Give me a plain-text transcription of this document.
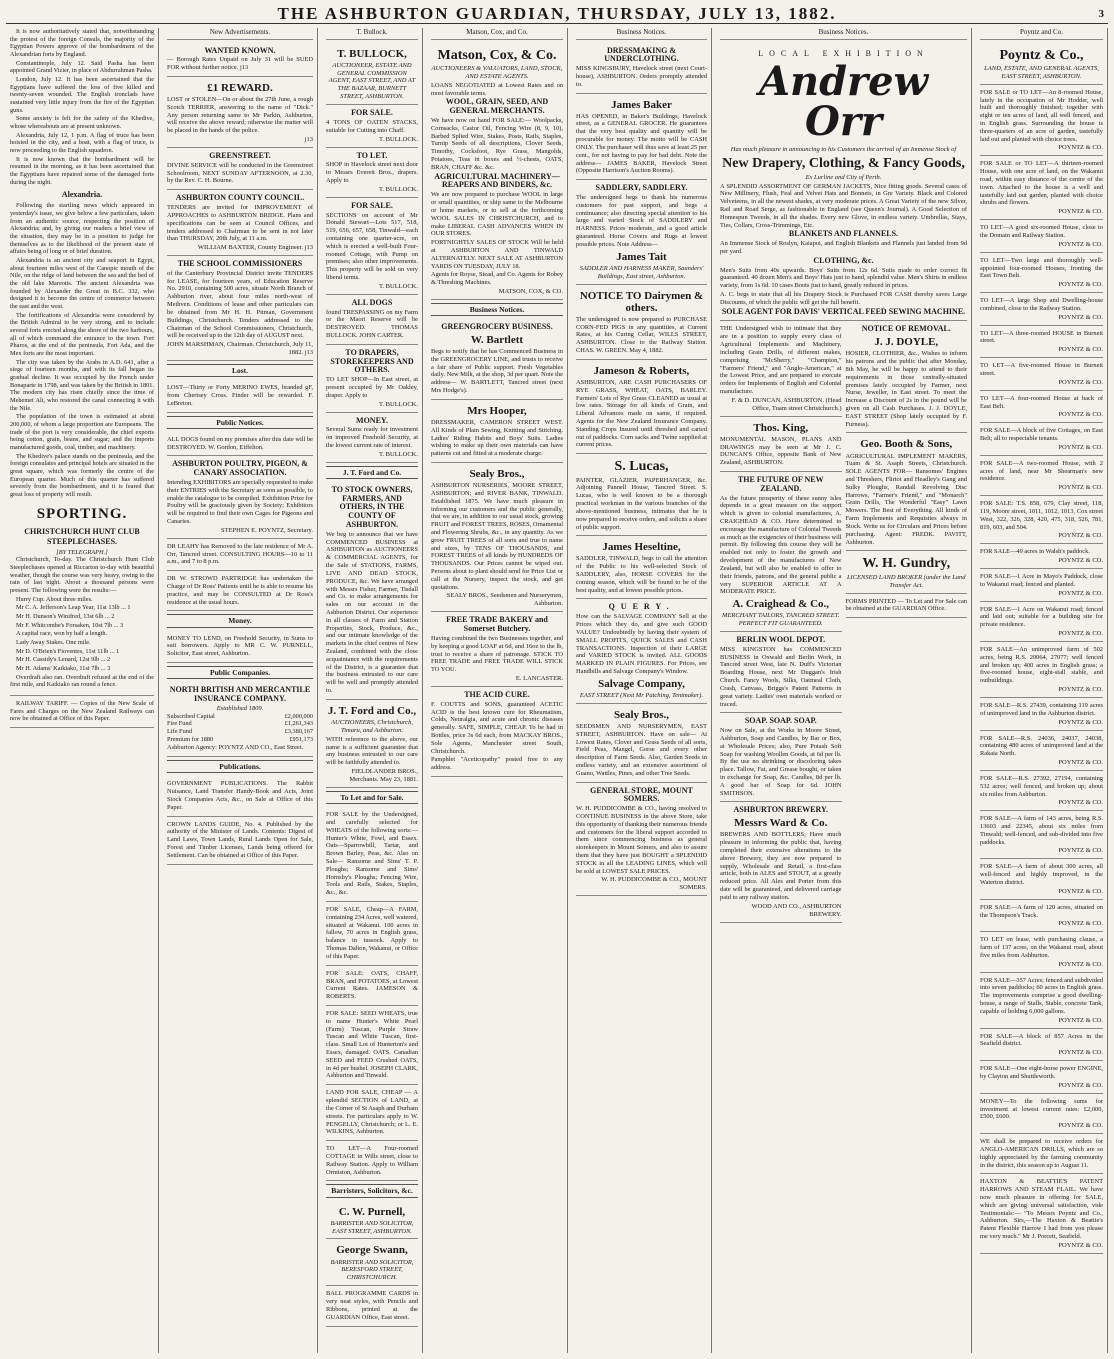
THE ASHBURTON GUARDIAN, THURSDAY, JULY 13, 1882.	3

It is now authoritatively stated that, notwithstanding the protest of the foreign Consuls, the majority of the Egyptian Powers approve of the bombardment of the Alexandrian forts by England.

Constantinople, July 12. Said Pasha has been appointed Grand Vizier, in place of Abdurrahman Pasha.

London, July 12. It has been ascertained that the Egyptians have suffered the loss of five killed and twenty-seven wounded. The English ironclads have sustained very little injury from the fire of the Egyptian guns.

Some anxiety is felt for the safety of the Khedive, whose whereabouts are at present unknown.

Alexandria, July 12, 1 p.m. A flag of truce has been hoisted in the city, and a boat, with a flag of truce, is now proceeding to the English squadron.

It is now known that the bombardment will be resumed in the morning, as it has been ascertained that the Egyptians have repaired some of the damaged forts during the night.

Alexandria.

Following the startling news which appeared in yesterday's issue, we give below a few particulars, taken from an authentic source, respecting the position of Alexandria; and, by giving our readers a brief view of the situation, they may be in a position to judge for themselves as to the likelihood of the present state of affairs being of long or of brief duration.

Alexandria is an ancient city and seaport in Egypt, about fourteen miles west of the Canopic mouth of the Nile, on the ridge of land between the sea and the bed of the old lake Mareotis. The ancient Alexandria was founded by Alexander the Great in B.C. 332, who designed it to become the centre of commerce between the east and the west.

The fortifications of Alexandria were considered by the British Admiral to be very strong, and to include several forts erected along the shore of the two harbours, all of which command the entrance to the town. Fort Pharos, at the end of the peninsula, Fort Ada, and the Mex forts are the most important.

The city was taken by the Arabs in A.D. 641, after a siege of fourteen months, and with its fall began its gradual decline. It was occupied by the French under Bonaparte in 1798, and was taken by the British in 1801. The modern city has risen chiefly since the time of Mehemet Ali, who restored the canal connecting it with the Nile.

The population of the town is estimated at about 200,000, of whom a large proportion are Europeans. The trade of the port is very considerable, the chief exports being cotton, grain, beans, and sugar; and the imports manufactured goods, coal, timber, and machinery.

The Khedive's palace stands on the peninsula, and the foreign consulates and principal hotels are situated in the great square, which was formerly the centre of the European quarter. Much of this quarter has suffered severely from the bombardment, and it is feared that great loss of property will result.

SPORTING.
CHRISTCHURCH HUNT CLUB STEEPLECHASES.
[BY TELEGRAPH.]

Christchurch, To-day. The Christchurch Hunt Club Steeplechases opened at Riccarton to-day with beautiful weather, though the course was very heavy, owing to the rain of last night. About a thousand persons were present. The following were the results:—

Hurry Cup. About three miles.

Mr C. A. Jefferson's Leap Year, 11st 13lb ... 1

Mr H. Dunson's Winifred, 13st 6lb ... 2

Mr F. Whitcombe's Forsaken, 10st 7lb ... 3

A capital race, won by half a length.

Lady Away Stakes. One mile.

Mr D. O'Brien's Fioventes, 11st 11lb ... 1

Mr H. Cassidy's Lenard, 12st 9lb ... 2

Mr H. Adams' Kaikiako, 11st 7lb ... 3

Overdraft also ran. Overdraft refused at the end of the first mile, and Kaikiako ran round a fence.

RAILWAY TARIFF. — Copies of the New Scale of Fares and Charges on the New Zealand Railways can now be obtained at Office of this Paper.

New Advertisements.
WANTED KNOWN.

— Borough Rates Unpaid on July 31 will be SUED FOR without further notice. j13

£1 REWARD.

LOST or STOLEN—On or about the 27th June, a rough Scotch TERRIER, answering to the name of "Dick." Any person returning same to Mr Parkin, Ashburton, will receive the above reward; otherwise the matter will be placed in the hands of the police.

j13
GREENSTREET.

DIVINE SERVICE will be conducted in the Greenstreet Schoolroom, NEXT SUNDAY AFTERNOON, at 2.30, by the Rev. C. H. Bourne.

ASHBURTON COUNTY COUNCIL.

TENDERS are invited for IMPROVEMENT of APPROACHES to ASHBURTON BRIDGE. Plans and specifications can be seen at Council Offices, and tenders addressed to Chairman to be sent in not later than THURSDAY, 20th July, at 11 a.m.

WILLIAM BAXTER, County Engineer. j13
THE SCHOOL COMMISSIONERS

of the Canterbury Provincial District invite TENDERS for LEASE, for fourteen years, of Education Reserve No. 2910, containing 500 acres, situate North Branch of Ashburton river, about four miles north-west of Methven. Conditions of lease and other particulars can be obtained from Mr H. H. Pitman, Government Buildings, Christchurch. Tenders addressed to the Chairman of the School Commissioners, Christchurch, will be received up to the 12th day of AUGUST next.

JOHN MARSHMAN, Chairman. Christchurch, July 11, 1882. j13
Lost.

LOST—Thirty or Forty MERINO EWES, branded gF, from Chertsey Cross. Finder will be rewarded. F. LeBreton.

Public Notices.

ALL DOGS found on my premises after this date will be DESTROYED. W. Gordon, Eiffelton.

ASHBURTON POULTRY, PIGEON, & CANARY ASSOCIATION.

Intending EXHIBITORS are specially requested to make their ENTRIES with the Secretary as soon as possible, to enable the catalogue to be compiled. Exhibition Prize for Poultry will be graciously given by Society; Exhibitors will be required to find their own Cages for Pigeons and Canaries.

STEPHEN E. POYNTZ, Secretary.

DR LEAHY has Removed to the late residence of Mr A. Orr, Tancred street. CONSULTING HOURS—10 to 11 a.m., and 7 to 8 p.m.

DR W. STROWD PARTRIDGE has undertaken the Charge of Dr Ross' Patients until he is able to resume his practice, and may be CONSULTED at Dr Ross's residence at the usual hours.

Money.

MONEY TO LEND, on Freehold Security, in Sums to suit borrowers. Apply to MR C. W. PURNELL, Solicitor, East street, Ashburton.

Public Companies.
NORTH BRITISH AND MERCANTILE INSURANCE COMPANY.
Established 1809.
Subscribed Capital	£2,000,000
Fire Fund	£1,261,343
Life Fund	£3,380,167
Premium for 1880	£951,173

Ashburton Agency: POYNTZ AND CO., East Street.

Publications.

GOVERNMENT PUBLICATIONS. The Rabbit Nuisance, Land Transfer Handy-Book and Acts, Joint Stock Companies Acts, &c., on Sale at Office of this Paper.

CROWN LANDS GUIDE, No. 4. Published by the authority of the Minister of Lands. Contents: Digest of Land Laws, Town Lands, Rural Lands Open for Sale, Forest and Timber Licenses, Lands being offered for Settlement. Can be obtained at Office of this Paper.

T. Bullock.
T. BULLOCK,
AUCTIONEER, ESTATE AND GENERAL COMMISSION AGENT, EAST STREET, AND AT THE BAZAAR, BURNETT STREET, ASHBURTON.
FOR SALE.

4 TONS OF OATEN STACKS, suitable for Cutting into Chaff.

T. BULLOCK.
TO LET.

SHOP in Havelock street next door to Messrs Everett Bros., drapers. Apply to

T. BULLOCK.
FOR SALE.

SECTIONS on account of Mr Donald Stewart—Lots 517, 518, 519, 656, 657, 658, Tinwald—each containing one quarter-acre, on which is erected a well-built Four-roomed Cottage, with Pump on premises; also other improvements. This property will be sold on very liberal terms.

T. BULLOCK.
ALL DOGS

found TRESPASSING on my Farm or the Maori Reserve will be DESTROYED. THOMAS BULLOCK. JOHN CARTER.

TO DRAPERS, STOREKEEPERS AND OTHERS.

TO LET SHOP—In East street, at present occupied by Mr Oakley, draper. Apply to

T. BULLOCK.
MONEY.

Several Sums ready for investment on improved Freehold Security, at the lowest current rate of interest.

T. BULLOCK.
J. T. Ford and Co.
TO STOCK OWNERS, FARMERS, AND OTHERS, IN THE COUNTY OF ASHBURTON.

We beg to announce that we have COMMENCED BUSINESS at ASHBURTON as AUCTIONEERS & COMMERCIAL AGENTS, for the Sale of STATIONS, FARMS, LIVE AND DEAD STOCK, PRODUCE, &c. We have arranged with Messrs Fisher, Farmer, Tisdall and Co. to make arrangements for sales on our account in the Ashburton District. Our experience in all classes of Farm and Station Properties, Stock, Produce, &c., and our intimate knowledge of the markets in the chief centres of New Zealand, combined with the close acquaintance with the requirements of the District, is a guarantee that the business entrusted to our care will be well and promptly attended to.

J. T. Ford and Co.,
AUCTIONEERS, Christchurch, Timaru, and Ashburton.

WITH reference to the above, our name is a sufficient guarantee that any business entrusted to our care will be faithfully attended to.

FIELDLANDER BROS., Merchants. May 23, 1881.
To Let and for Sale.

FOR SALE by the Undersigned, and carefully selected for WHEATS of the following sorts:—Hunter's White, Fowl, and Essex. Oats—Sparrowbill, Tartar, and Brown Barley, Peas, &c. Also on Sale— Ransome and Sims' T. P. Ploughs; Ransome and Sims' Hornsby's Ploughs; Fencing Wire, Tools and Rails, Stakes, Staples, &c., &c.

FOR SALE, Cheap—A FARM, containing 234 Acres, well watered, situated at Wakanui. 100 acres in fallow, 70 acres in English grass, balance in tussock. Apply to Thomas Dalton, Wakanui, or Office of this Paper.

FOR SALE: OATS, CHAFF, BRAN, and POTATOES, at Lowest Current Rates. JAMESON & ROBERTS.

FOR SALE: SEED WHEATS, true to name Hunter's White Pearl (Farm) Tuscan, Purple Straw Tuscan and White Tuscan, first-class. Small Lot of Hunterton's and Essex, damaged. OATS. Canadian SEED and FEED Crushed OATS, in 4d per bushel. JOSEPH CLARK, Ashburton and Tinwald.

LAND FOR SALE, CHEAP — A splendid SECTION of LAND, at the Corner of St Asaph and Durham streets. For particulars apply to W. PENGELLY, Christchurch; or L. E. WILKINS, Ashburton.

TO LET—A Four-roomed COTTAGE in Wills street, close to Railway Station. Apply to William Ormiston, Ashburton.

Barristers, Solicitors, &c.
C. W. Purnell,
BARRISTER AND SOLICITOR, EAST STREET, ASHBURTON.
George Swann,
BARRISTER AND SOLICITOR, BERESFORD STREET, CHRISTCHURCH.

BALL PROGRAMME CARDS in very neat styles, with Pencils and Ribbons, printed at the GUARDIAN Office, East street.

Matson, Cox, and Co.
Matson, Cox, & Co.
AUCTIONEERS & VALUATORS, LAND, STOCK, AND ESTATE AGENTS.

LOANS NEGOTIATED at Lowest Rates and on most favorable terms.

WOOL, GRAIN, SEED, AND GENERAL MERCHANTS.

We have now on hand FOR SALE:— Woolpacks, Cornsacks, Castor Oil, Fencing Wire (8, 9, 10), Barbed Splied Wire, Stakes, Posts, Rails, Staples, Turnip Seeds of all descriptions, Clover Seeds, Timothy, Cocksfoot, Rye Grass, Mangolds, Potatoes, Teas in boxes and ½-chests, OATS, BRAN, CHAFF &c. &c.

AGRICULTURAL MACHINERY—REAPERS AND BINDERS, &c.

We are now prepared to purchase WOOL in large or small quantities, or ship same to the Melbourne or home markets, or to sell at the forthcoming WOOL SALES IN CHRISTCHURCH, and to make LIBERAL CASH ADVANCES WHEN IN OUR STORES.

FORTNIGHTLY SALES OF STOCK Will be held at ASHBURTON AND TINWALD ALTERNATELY. NEXT SALE AT ASHBURTON YARDS ON TUESDAY, JULY 18.

Agents for Royse, Stead, and Co. Agents for Robey & Threshing Machines.

MATSON, COX, & CO.
Business Notices.
GREENGROCERY BUSINESS.
W. Bartlett

Begs to notify that he has Commenced Business in the GREENGROCERY LINE, and trusts to receive a fair share of Public support. Fresh Vegetables daily. New Milk, at the shop, 3d per quart. Note the address— W. BARTLETT, Tancred street (next Mrs Hodge's).

Mrs Hooper,

DRESSMAKER, CAMERON STREET WEST. All Kinds of Plain Sewing, Knitting and Stitching. Ladies' Riding Habits and Boys' Suits. Ladies wishing to make up their own materials can have patterns cut and fitted at a moderate charge.

Sealy Bros.,

ASHBURTON NURSERIES, MOORE STREET, ASHBURTON; and RIVER BANK, TINWALD. Established 1875. We have much pleasure in informing our customers and the public generally, that we are, in addition to our usual stock, growing FRUIT and FOREST TREES, ROSES, Ornamental and Flowering Shrubs, &c., in any quantity. As we grow FRUIT TREES of all sorts and true to name and sizes, by TENS OF THOUSANDS, and FOREST TREES of all kinds by HUNDREDS OF THOUSANDS. Our Prices cannot be wiped out. Persons about to plant should send for Price List or call at the Nursery, inspect the stock, and get quotations.

SEALY BROS., Seedsmen and Nurserymen, Ashburton.
FREE TRADE BAKERY and Somerset Butchery.

Having combined the two Businesses together, and by keeping a good LOAF at 6d, and 16oz to the lb, trust to receive a share of patronage. STICK TO FREE TRADE and FREE TRADE WILL STICK TO YOU.

E. LANCASTER.
THE ACID CURE.

F. COUTTS and SONS, guaranteed ACETIC ACID is the best known cure for Rheumatism, Colds, Neuralgia, and acute and chronic diseases generally. SAFE, SIMPLE, CHEAP. To be had in Bottles, price 3s 6d each, from MACKAY BROS., Sole Agents, Manchester street South, Christchurch.

Pamphlet "Aceticopathy" posted free to any address.

Business Notices.
DRESSMAKING & UNDERCLOTHING.

MISS KINGSBURY, Havelock street (next Court-house), ASHBURTON. Orders promptly attended to.

James Baker

HAS OPENED, in Baker's Buildings, Havelock street, as a GENERAL GROCER. He guarantees that the very best quality and quantity will be procurable for money. The motto will be CASH ONLY. The purchaser will thus save at least 25 per cent., for not having to pay for bad debt. Note the address— JAMES BAKER, Havelock Street (Opposite Harrison's Auction Rooms).

SADDLERY, SADDLERY.

The undersigned begs to thank his numerous customers for past support, and begs a continuance; also directing special attention to his large and varied Stock of SADDLERY and HARNESS. Prices moderate, and a good article guaranteed. Horse Covers and Rugs at lowest possible prices. Note Address—

James Tait
SADDLER AND HARNESS MAKER, Saunders' Buildings, East street, Ashburton.
NOTICE TO Dairymen & others.

The undersigned is now prepared to PURCHASE CORN-FED PIGS in any quantities, at Current Rates, at his Curing Cellar, WILLS STREET, ASHBURTON. Close to the Railway Station. CHAS. W. GREEN. May 4, 1882.

Jameson & Roberts,

ASHBURTON, ARE CASH PURCHASERS OF RYE GRASS, WHEAT, OATS, BARLEY. Farmers' Lots of Rye Grass CLEANED as usual at low rates. Storage for all kinds of Grain, and Liberal Advances made on same, if required. Agents for the New Zealand Insurance Company. Standing Crops Insured until threshed and carted out of paddocks. Corn sacks and Twine supplied at current prices.

S. Lucas,

PAINTER, GLAZIER, PAPERHANGER, &c. Adjoining Pannell House, Tancred Street. S. Lucas, who is well known to be a thorough practical workman in the various branches of the above-mentioned business, intimates that he is now prepared to receive orders, and solicits a share of public support.

James Heseltine,

SADDLER, TINWALD, begs to call the attention of the Public to his well-selected Stock of SADDLERY, also, HORSE COVERS for the coming season, which will be found to be of the best quality, and at lowest possible prices.

QUERY.

How can the SALVAGE COMPANY Sell at the Prices which they do, and give such GOOD VALUE? Undoubtedly by having their system of SMALL PROFITS, QUICK SALES and CASH TRANSACTIONS. Inspection of their LARGE and VARIED STOCK is invited. ALL GOODS MARKED IN PLAIN FIGURES. For Prices, see Handbills and Salvage Company's Window.

Salvage Company,
EAST STREET (Next Mr Patching, Tentmaker).
Sealy Bros.,

SEEDSMEN AND NURSERYMEN, EAST STREET, ASHBURTON. Have on sale— At Lowest Rates, Clover and Grass Seeds of all sorts, Field Peas, Mangel, Gorse and every other description of Farm Seeds. Also, Garden Seeds in endless variety, and an extensive assortment of Guano, Wattles, Pines, and other Tree Seeds.

GENERAL STORE, MOUNT SOMERS.

W. H. PUDDICOMBE & CO., having resolved to CONTINUE BUSINESS in the above Store, take this opportunity of thanking their numerous friends and customers for the liberal support accorded to them since commencing business as general storekeepers in Mount Somers, and also to assure them that they have just BOUGHT a SPLENDID STOCK in all the LEADING LINES, which will be sold at LOWEST SALE PRICES.

W. H. PUDDICOMBE & CO., MOUNT SOMERS.
Business Notices.
LOCAL EXHIBITION
Andrew Orr
Has much pleasure in announcing to his Customers the arrival of an Immense Stock of
New Drapery, Clothing, & Fancy Goods,
Ex Lurline and City of Perth.

A SPLENDID ASSORTMENT OF GERMAN JACKETS, Nice fitting goods. Several cases of New Millinery, Flush, Feal and Velvet Hats and Bonnets, in Gre Variety. Black and Colored Velveteens, in all the newest shades, at very moderate prices. A Great Variety of the new Silver, Rail and Road Serge, as fashionable in England (see Queen's Journal). A Good Selection of Homespun Tweeds, in all the shades. Every new Glove, in endless variety. Umbrellas, Stays, Ties, Collars, Cross-Trimmings, Etc.

BLANKETS AND FLANNELS.

An Immense Stock of Roslyn, Kaiapoi, and English Blankets and Flannels just landed from 9d per yard.

CLOTHING, &c.

Men's Suits from 40s upwards. Boys' Suits from 12s 6d. Suits made to order correct fit guaranteed. 40 dozen Men's and Boys' Hats just to hand, splendid value. Men's Shirts in endless variety, from 1s 6d. 10 cases Boots just to hand, greatly reduced in prices.

A. C. begs to state that all his Drapery Stock is Purchased FOR CASH thereby saves Large Discounts, of which the public will get the full benefit.

SOLE AGENT FOR DAVIS' VERTICAL FEED SEWING MACHINE.

THE Undersigned wish to intimate that they are in a position to supply every class of Agricultural Implements and Machinery, including Grain Drills, of different makes, comprising "McSherry," "Champion," "Farmers' Friend," and "Anglo-American," at the Lowest Price, and are prepared to execute orders for Implements of English and Colonial manufacture.

F. & D. DUNCAN, ASHBURTON. (Head Office, Tuam street Christchurch.)
Thos. King,

MONUMENTAL MASON, PLANS AND DRAWINGS may be seen at Mr J. C. DUNCAN'S Office, opposite Bank of New Zealand, ASHBURTON.

THE FUTURE OF NEW ZEALAND.

As the future prosperity of these sunny isles depends in a great measure on the support which is given to colonial manufactures, A. CRAIGHEAD & CO. Have determined to encourage the manufacture of Colonial Tweeds as much as the exigencies of their business will permit. By following this course they will be enabled not only to foster the growth and development of the manufactures of New Zealand, but will also be enabled to offer to their friends, patrons, and the general public a very SUPERIOR ARTICLE AT A MODERATE PRICE.

A. Craighead & Co.,
MERCHANT TAILORS, TANCRED STREET. PERFECT FIT GUARANTEED.
BERLIN WOOL DEPOT.

MISS KINGSTON has COMMENCED BUSINESS in Oxwald and Berlin Work, in Tancred street West, late N. Duff's Victorian Boarding House, next Mr Duggan's Irish Church. Fancy Wools, Silks, Oatmeal Cloth, Crash, Canvass, Briggs's Patent Patterns in great variety. Ladies' own materials worked or traced.

SOAP. SOAP. SOAP.

Now on Sale, at the Works in Moore Street, Ashburton, Soap and Candles, by Bar or Box, at Wholesale Prices; also, Pure Potash Soft Soap for washing Woollen Goods, at 6d per lb. By the use no shrinking or discoloring takes place. Tallow, Fat, and Grease bought, or taken in exchange for Soap, &c. Candles, 8d per lb. A good bar of Soap for 6d. JOHN SMITHSON.

ASHBURTON BREWERY.
Messrs Ward & Co.

BREWERS AND BOTTLERS, Have much pleasure in informing the public that, having completed their extensive alterations to the above Brewery, they are now prepared to supply, Wholesale and Retail, a first-class article, both in ALES and STOUT, at a greatly reduced price. All Ales and Porter from this date will be guaranteed, and delivered carriage paid to any railway station.

WOOD AND CO., ASHBURTON BREWERY.
NOTICE OF REMOVAL.
J. J. DOYLE,

HOSIER, CLOTHIER, &c., Wishes to inform his patrons and the public that after Monday, 8th May, he will be happy to attend to their requirements in those centrally-situated premises lately occupied by Farmer, next Nurse, Jeweller, in East street. To meet the Increase a Discount of 2s in the pound will be given on all Cash Purchases. J. J. DOYLE, EAST STREET (Shop lately occupied by F. Furness).

Geo. Booth & Sons,

AGRICULTURAL IMPLEMENT MAKERS, Tuam & St. Asaph Streets, Christchurch. SOLE AGENTS FOR— Ransomes' Engines and Threshers, Flirtot and Headley's Gang and Sulky Ploughs, Randall Revolving Disc Harrows, "Farmer's Friend," and "Monarch" Grain Drills, The Wonderful "Easy" Lawn Mowers. The Best of Everything. All kinds of Farm Implements and Requisites always in Stock. Write us for Circulars and Prices before purchasing. Agent: FREDK. PAVITT, Ashburton.

W. H. Gundry,
LICENSED LAND BROKER (under the Land Transfer Act.

FORMS PRINTED — To Let and For Sale can be obtained at the GUARDIAN Office.

Poyntz and Co.
Poyntz & Co.,
LAND, ESTATE, AND GENERAL AGENTS, EAST STREET, ASHBURTON.

FOR SALE or TO LET—An 8-roomed House, lately in the occupation of Mr Hodder, well built and thoroughly finished; together with eight or ten acres of land, all well fenced, and in English grass. Surrounding the house is three-quarters of an acre of garden, tastefully laid out and planted with choice trees.

POYNTZ & CO.

FOR SALE or TO LET—A thirteen-roomed House, with one acre of land, on the Wakanui road, within easy distance of the centre of the town. Attached to the house is a well and tastefully laid out garden, planted with choice shrubs and flowers.

POYNTZ & CO.

TO LET—A good six-roomed House, close to the Domain and Railway Station.

POYNTZ & CO.

TO LET—Two large and thoroughly well-appointed four-roomed Houses, fronting the East Town Belt.

POYNTZ & CO.

TO LET—A large Shop and Dwelling-house combined, close to the Railway Station.

POYNTZ & CO.

TO LET—A three-roomed HOUSE in Burnett street.

POYNTZ & CO.

TO LET—A five-roomed House in Burnett street.

POYNTZ & CO.

TO LET—A four-roomed House at back of East Belt.

POYNTZ & CO.

FOR SALE—A block of five Cottages, on East Belt; all to respectable tenants.

POYNTZ & CO.

FOR SALE—A two-roomed House, with 2 acres of land, near Mr Shearman's new residence.

POYNTZ & CO.

FOR SALE: T.S. 858, 679, Clay street, 118, 119, Moore street, 1011, 1012, 1013, Cox street West, 322, 326, 328, 420, 475, 318, 526, 781, 819, 603, and 504.

POYNTZ & CO.

FOR SALE—49 acres in Walsh's paddock.

POYNTZ & CO.

FOR SALE—1 Acre in Mayo's Paddock, close to Wakanui road; fenced and planted.

POYNTZ & CO.

FOR SALE—1 Acre on Wakanui road; fenced and laid out; suitable for a building site for private residence.

POYNTZ & CO.

FOR SALE—An unimproved farm of 502 acres, being R.S. 20064, 27077; well fenced and broken up; 400 acres in English grass; a five-roomed house, eight-stall stable, and outbuildings.

POYNTZ & CO.

FOR SALE—R.S. 27439, containing 119 acres of unimproved land in the Ashburton district.

POYNTZ & CO.

FOR SALE—R.S. 24036, 24037, 24038, containing 480 acres of unimproved land at the Rakaia North.

POYNTZ & CO.

FOR SALE—R.S. 27392, 27194, containing 532 acres; well fenced, and broken up; about six miles from Ashburton.

POYNTZ & CO.

FOR SALE—A farm of 143 acres, being R.S. 13603 and 22345, about six miles from Tinwald; well-fenced, and sub-divided into five paddocks.

POYNTZ & CO.

FOR SALE—A farm of about 300 acres, all well-fenced and highly improved, in the Waterton district.

POYNTZ & CO.

FOR SALE—A farm of 120 acres, situated on the Thompson's Track.

POYNTZ & CO.

TO LET on lease, with purchasing clause, a farm of 137 acres, on the Wakanui road, about five miles from Ashburton.

POYNTZ & CO.

FOR SALE—357 Acres; fenced and subdivided into seven paddocks; 60 acres in English grass. The improvements comprise a good dwelling-house, a range of Stalls, Stable, concrete Tank, capable of holding 6,000 gallons.

POYNTZ & CO.

FOR SALE—A block of 857 Acres in the Seafield district.

POYNTZ & CO.

FOR SALE—One eight-horse power ENGINE, by Clayton and Shuttleworth.

POYNTZ & CO.

MONEY—To the following sums for investment at lowest current rates: £2,000, £500, £600.

POYNTZ & CO.

WE shall be prepared to receive orders for ANGLO-AMERICAN DRILLS, which are so highly appreciated by the farming community in the district, this season up to August 11.

HAXTON & BEATTIE'S PATENT HARROWS AND STEAM FLAIL. We have now much pleasure in offering for SALE, which are giving universal satisfaction, vide Testimonials:— "To Messrs Poyntz and Co., Ashburton. Sirs,—The Haxton & Beattie's Patent Flexible Harrow I had from you please me very much." Mr J. Porcett, Seafield.

POYNTZ & CO.
